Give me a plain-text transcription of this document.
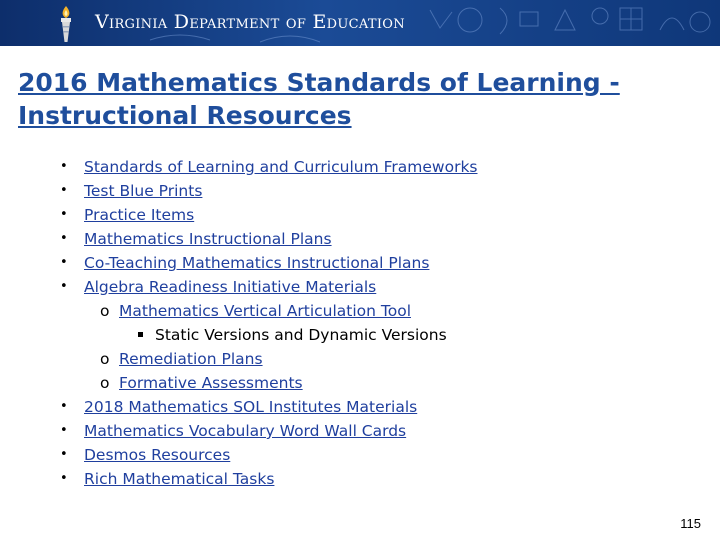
Virginia Department of Education
2016 Mathematics Standards of Learning - Instructional Resources
• Standards of Learning and Curriculum Frameworks
• Test Blue Prints
• Practice Items
• Mathematics Instructional Plans
• Co-Teaching Mathematics Instructional Plans
• Algebra Readiness Initiative Materials
o Mathematics Vertical Articulation Tool
Static Versions and Dynamic Versions
o Remediation Plans
o Formative Assessments
• 2018 Mathematics SOL Institutes Materials
• Mathematics Vocabulary Word Wall Cards
• Desmos Resources
• Rich Mathematical Tasks
115
